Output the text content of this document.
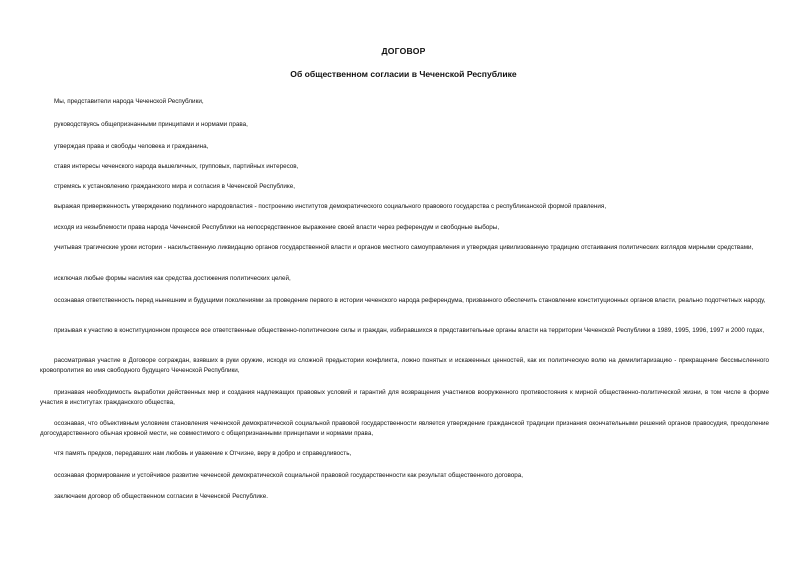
ДОГОВОР
Об общественном согласии в Чеченской Республике

Мы, представители народа Чеченской Республики,

руководствуясь общепризнанными принципами и нормами права,

утверждая права и свободы человека и гражданина,

ставя интересы чеченского народа вышеличных, групповых, партийных интересов,

стремясь к установлению гражданского мира и согласия в Чеченской Республике,

выражая приверженность утверждению подлинного народовластия - построению институтов демократического социального правового государства с республиканской формой правления,

исходя из незыблемости права народа Чеченской Республики на непосредственное выражение своей власти через референдум и свободные выборы,

учитывая трагические уроки истории - насильственную ликвидацию органов государственной власти и органов местного самоуправления и утверждая цивилизованную традицию отстаивания политических взглядов мирными средствами,

исключая любые формы насилия как средства достижения политических целей,

осознавая ответственность перед нынешним и будущими поколениями за проведение первого в истории чеченского народа референдума, призванного обеспечить становление конституционных органов власти, реально подотчетных народу,

призывая к участию в конституционном процессе все ответственные общественно-политические силы и граждан, избиравшихся в представительные органы власти на территории Чеченской Республики в 1989, 1995, 1996, 1997 и 2000 годах,

рассматривая участие в Договоре сограждан, взявших в руки оружие, исходя из сложной предыстории конфликта, ложно понятых и искаженных ценностей, как их политическую волю на демилитаризацию - прекращение бессмысленного кровопролития во имя свободного будущего Чеченской Республики,

признавая необходимость выработки действенных мер и создания надлежащих правовых условий и гарантий для возвращения участников вооруженного противостояния к мирной общественно-политической жизни, в том числе в форме участия в институтах гражданского общества,

осознавая, что объективным условием становления чеченской демократической социальной правовой государственности является утверждение гражданской традиции признания окончательными решений органов правосудия, преодоление догосударственного обычая кровной мести, не совместимого с общепризнанными принципами и нормами права,

чтя память предков, передавших нам любовь и уважение к Отчизне, веру в добро и справедливость,

осознавая формирование и устойчивое развитие чеченской демократической социальной правовой государственности как результат общественного договора,

заключаем договор об общественном согласии в Чеченской Республике.
